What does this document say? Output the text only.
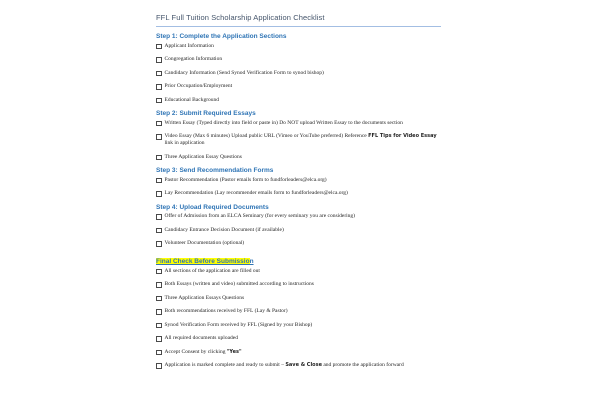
FFL Full Tuition Scholarship Application Checklist
Step 1: Complete the Application Sections
Applicant Information
Congregation Information
Candidacy Information (Send Synod Verification Form to synod bishop)
Prior Occupation/Employment
Educational Background
Step 2: Submit Required Essays
Written Essay (Typed directly into field or paste in) Do NOT upload Written Essay to the documents section
Video Essay (Max 6 minutes) Upload public URL (Vimeo or YouTube preferred) Reference FFL Tips for Video Essay link in application
Three Application Essay Questions
Step 3: Send Recommendation Forms
Pastor Recommendation (Pastor emails form to fundforleaders@elca.org)
Lay Recommendation (Lay recommender emails form to fundforleaders@elca.org)
Step 4: Upload Required Documents
Offer of Admission from an ELCA Seminary (for every seminary you are considering)
Candidacy Entrance Decision Document (if available)
Volunteer Documentation (optional)
Final Check Before Submission
All sections of the application are filled out
Both Essays (written and video) submitted according to instructions
Three Application Essays Questions
Both recommendations received by FFL (Lay & Pastor)
Synod Verification Form received by FFL (Signed by your Bishop)
All required documents uploaded
Accept Consent by clicking "Yes"
Application is marked complete and ready to submit – Save & Close and promote the application forward
